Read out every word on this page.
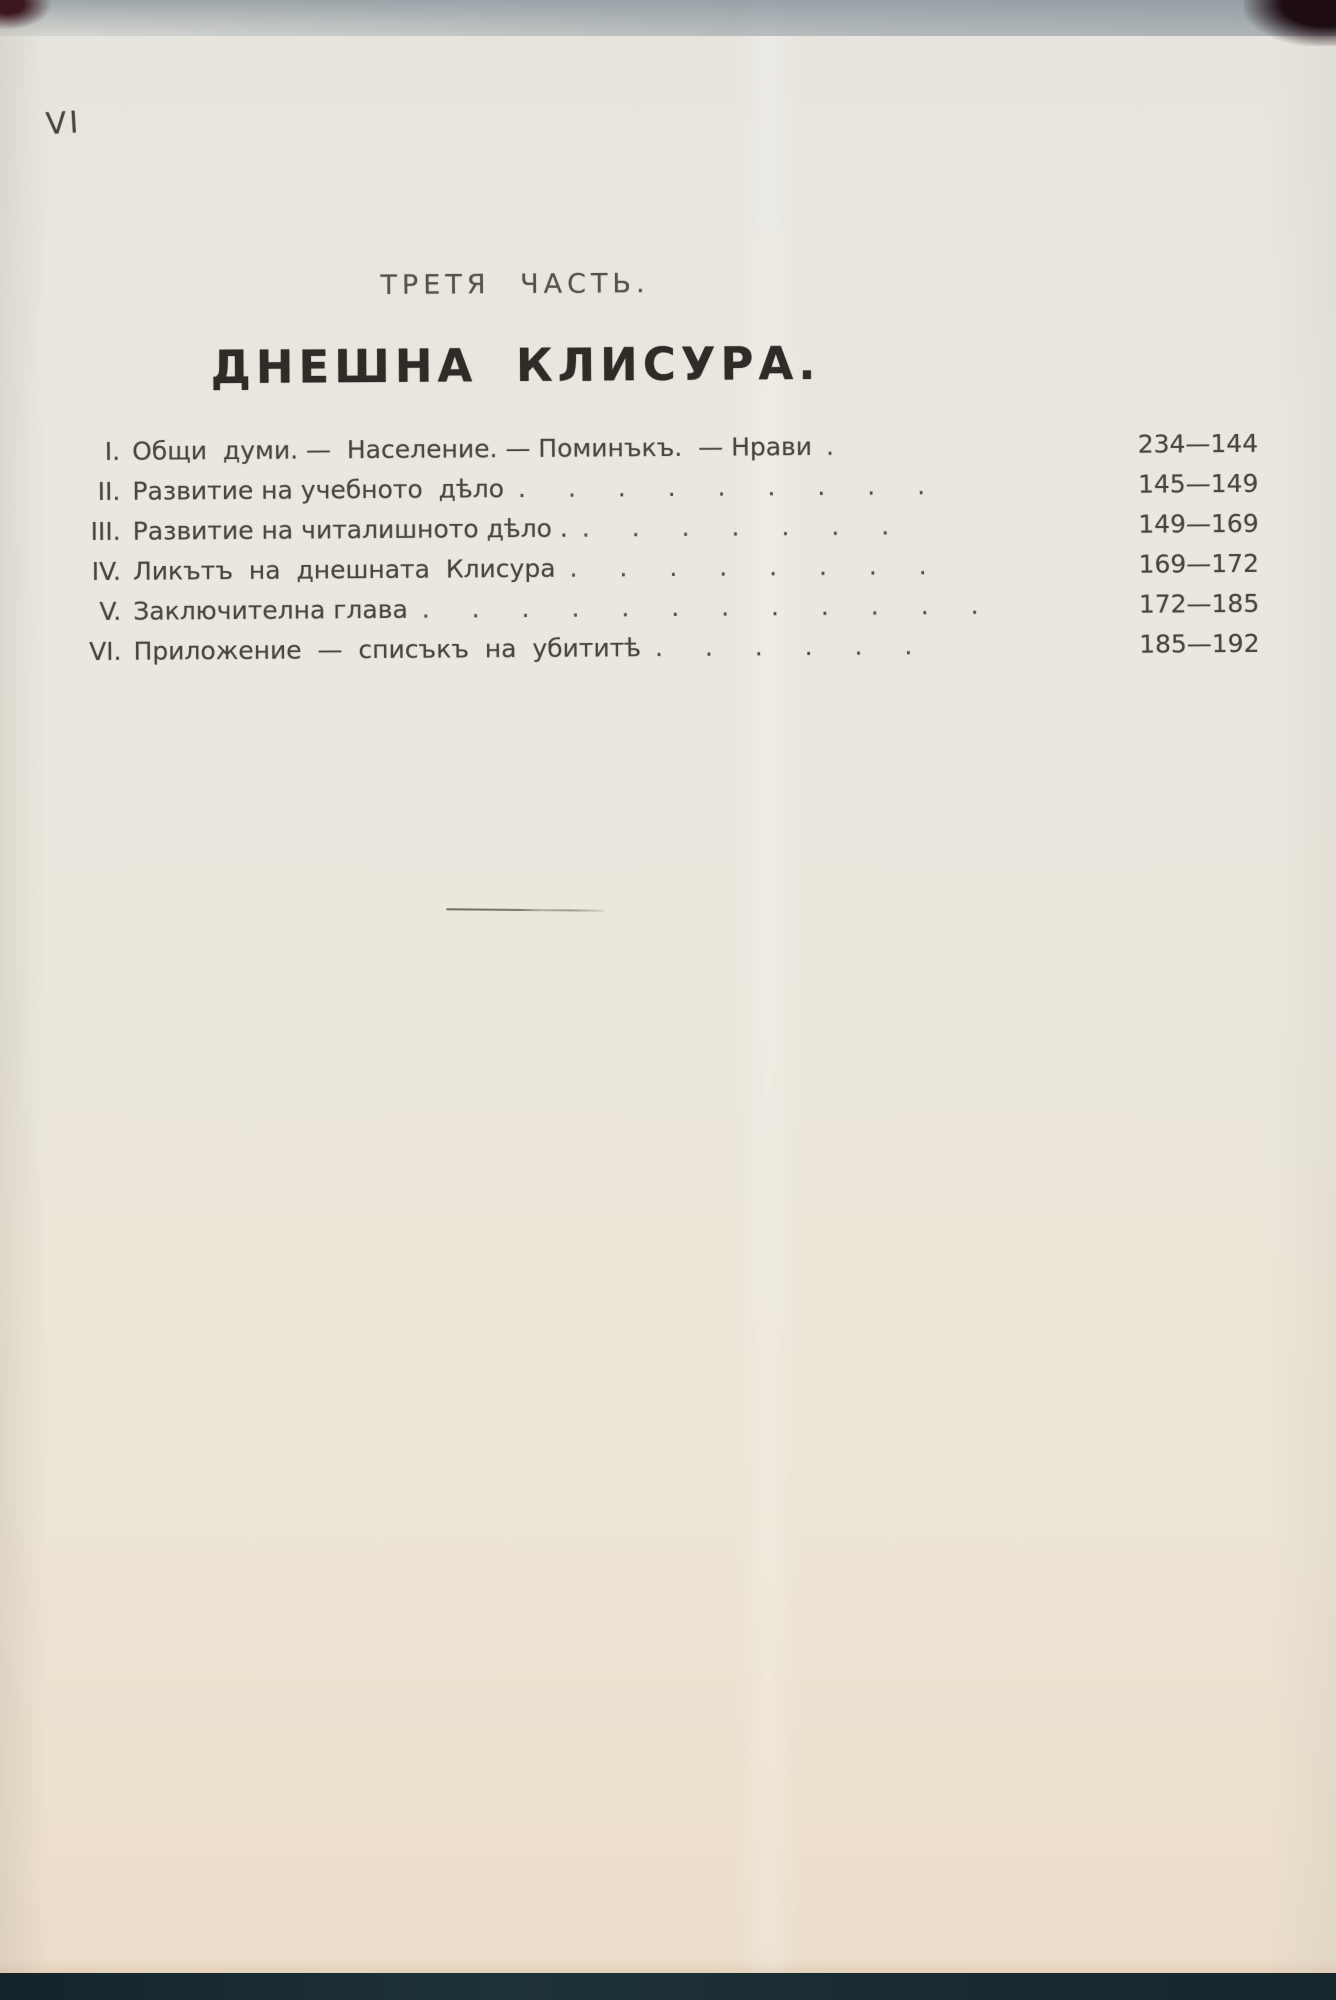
VI
ТРЕТЯ ЧАСТЬ.
ДНЕШНА КЛИСУРА.
I. Общи  думи. —  Население. — Поминъкъ.  — Нрави .	234—144
II. Развитие на учебното  дѣло . . . . . . . . .	145—149
III. Развитие на читалишното дѣло . . . . . . . .	149—169
IV. Ликътъ  на  днешната  Клисура . . . . . . . .	169—172
V. Заключителна глава . . . . . . . . . . . .	172—185
VI. Приложение  —  списъкъ  на  убититѣ . . . . . .	185—192
